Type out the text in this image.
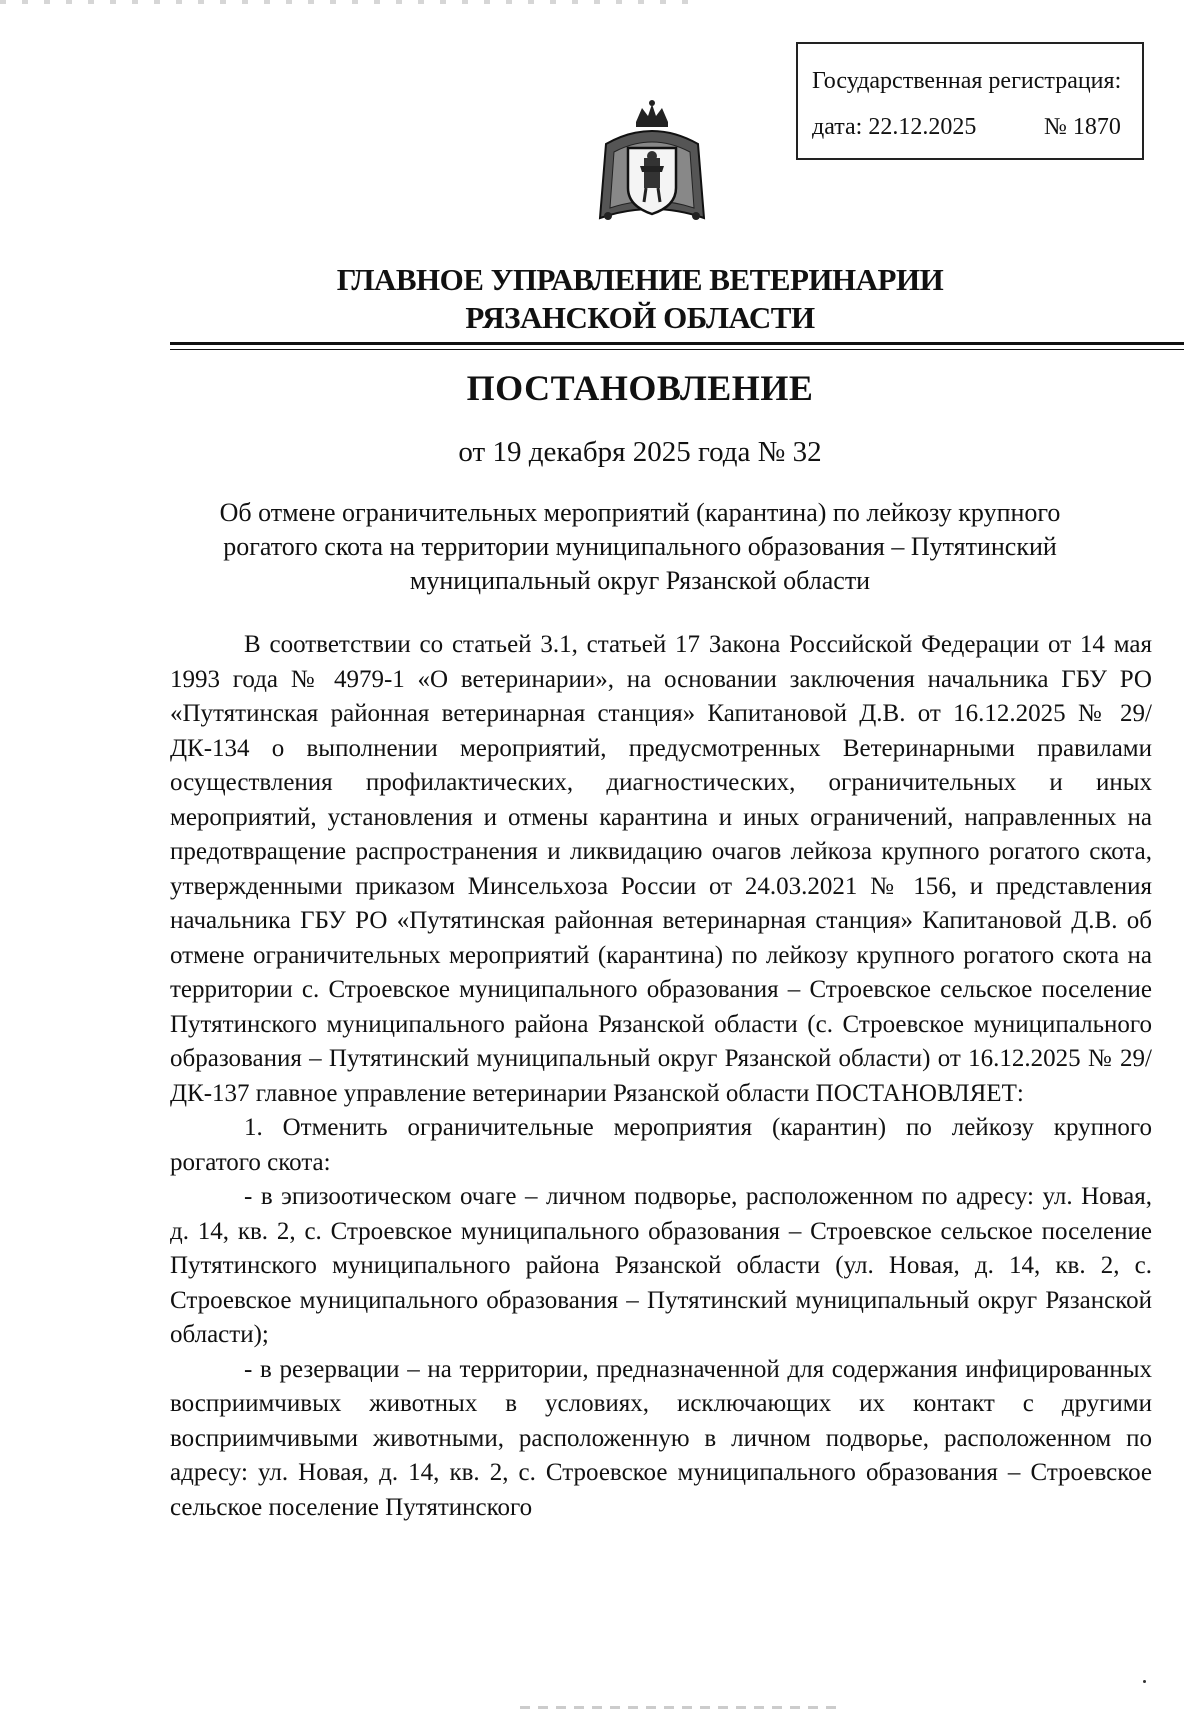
Государственная регистрация:
дата: 22.12.2025	№ 1870
ГЛАВНОЕ УПРАВЛЕНИЕ ВЕТЕРИНАРИИ
РЯЗАНСКОЙ ОБЛАСТИ
ПОСТАНОВЛЕНИЕ
от 19 декабря 2025 года № 32
Об отмене ограничительных мероприятий (карантина) по лейкозу крупного рогатого скота на территории муниципального образования – Путятинский муниципальный округ Рязанской области

В соответствии со статьей 3.1, статьей 17 Закона Российской Федерации от 14 мая 1993 года № 4979-1 «О ветеринарии», на основании заключения начальника ГБУ РО «Путятинская районная ветеринарная станция» Капитановой Д.В. от 16.12.2025 № 29/ДК-134 о выполнении мероприятий, предусмотренных Ветеринарными правилами осуществления профилактических, диагностических, ограничительных и иных мероприятий, установления и отмены карантина и иных ограничений, направленных на предотвращение распространения и ликвидацию очагов лейкоза крупного рогатого скота, утвержденными приказом Минсельхоза России от 24.03.2021 № 156, и представления начальника ГБУ РО «Путятинская районная ветеринарная станция» Капитановой Д.В. об отмене ограничительных мероприятий (карантина) по лейкозу крупного рогатого скота на территории с. Строевское муниципального образования – Строевское сельское поселение Путятинского муниципального района Рязанской области (с. Строевское муниципального образования – Путятинский муниципальный округ Рязанской области) от 16.12.2025 № 29/ДК-137 главное управление ветеринарии Рязанской области ПОСТАНОВЛЯЕТ:

1. Отменить ограничительные мероприятия (карантин) по лейкозу крупного рогатого скота:

- в эпизоотическом очаге – личном подворье, расположенном по адресу: ул. Новая, д. 14, кв. 2, с. Строевское муниципального образования – Строевское сельское поселение Путятинского муниципального района Рязанской области (ул. Новая, д. 14, кв. 2, с. Строевское муниципального образования – Путятинский муниципальный округ Рязанской области);

- в резервации – на территории, предназначенной для содержания инфицированных восприимчивых животных в условиях, исключающих их контакт с другими восприимчивыми животными, расположенную в личном подворье, расположенном по адресу: ул. Новая, д. 14, кв. 2, с. Строевское муниципального образования – Строевское сельское поселение Путятинского
